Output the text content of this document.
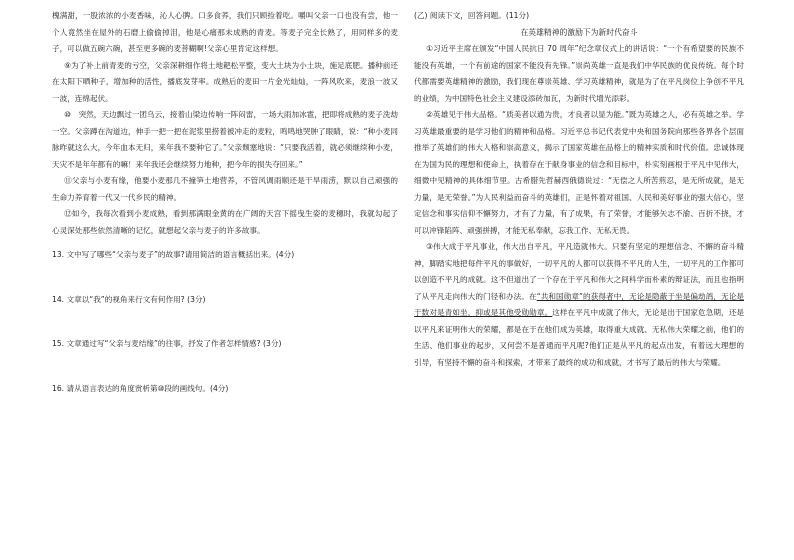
槐满甜，一股浓浓的小麦香味，沁人心脾。口多食荞，我们只顾捡着吃。嚼叫父亲一口也没有尝，他一个人竟然坐在屋外的石磨上偷偷掉泪，他是心痛那未成熟的青麦。等麦子完全长熟了，用同样多的麦子，可以做五碗六碗，甚至更多碗的麦菩糊啊!父亲心里肯定这样想。

⑨为了补上前青麦的亏空，父亲深耕细作将土地耙松平整，变大土块为小土块，施足底肥。播种前还在太阳下晒种子，增加种的活性，播底发芽率。成熟后的麦田一片金光灿灿，一阵风吹来，麦浪一波又一波，连绵起伏。

⑩　突然，天边飘过一团乌云，接着山梁边传响一阵闷雷，一场大雨加冰雹，把即将成熟的麦子洗劫一空。父亲蹲在沟道边，伸手一把一把在泥浆里捞着被冲走的麦粒，鸣鸣地哭肿了眼睛，说：“种小麦同脉昨就这么大，今年血本无归，来年我不要种它了。”父亲颓塞地说：“只要我活着，就必须继续种小麦，天灾不是年年都有的嘛！来年我还会继续努力地种，把今年的损失夺回来。”

⑪父亲与小麦有缘，他要小麦那几不撞笋土地营养，不管风调雨顺还是干旱雨涝，默以自己顽强的生命力养育着一代又一代乡民的精神。

⑫如今，我每次看到小麦成熟，看到那满眼金黄的在广阔的天宫下摇曳生姿的麦穗时，我就勾起了心灵深处那些依然清晰的记忆，就想起父亲与麦子的许多故事。

13. 文中写了哪些“父亲与麦子”的故事?请用简洁的语言概括出来。(4分)

14. 文章以“我”的视角来行文有何作用? (3分)

15. 文章通过写“父亲与麦结缘”的往事，抒发了作者怎样情感? (3分)

16. 请从语言表达的角度赏析第⑩段的画线句。(4分)

(乙) 阅读下文，回答问题。(11分)

在英雄精神的激励下为新时代奋斗

①习近平主席在颁发“中国人民抗日 70 周年”纪念章仪式上的讲话说：“一个有希望要的民族不能没有英雄，一个有前途的国家不能没有先锋。”崇尚英雄一直是我们中华民族的优良传统。每个时代都需要英雄精神的激励，我们现在尊崇英雄、学习英雄精神，就是为了在平凡岗位上争创不平凡的业绩，为中国特色社会主义建设添砖加瓦，为新时代增光添彩。

②英雄见于伟大品格。“质美者以通为贵，才良者以显为能。”既为英雄之人，必有英雄之举。学习英雄最重要的是学习他们的精神和品格。习近平总书记代表党中央和国务院向那些各界各个层面推举了英雄们的伟大人格和崇高意义，揭示了国家英雄在品格上的精神实质和时代价值。忠诚体现在为国为民的理想和使命上，执着存在于献身事业的信念和目标中，朴实刻画根于平凡中见伟大，细微中见精神的具体细节里。古希腊先哲赫西俄德说过：“无偿之人所苦煎忍，是无所成就，是无力量，是无荣誉。”为人民利益而奋斗的英雄们，正是怀着对祖国、人民和美好事业的强大信心，坚定信念和事实信仰不懈努力，才有了力量，有了成果，有了荣誉，才能够矢志不渝、百折不挠，才可以冲锋陷阵、顽强拼搏，才能无私奉献，忘我工作、无私无畏。

③伟大成于平凡事业，伟大出自平凡，平凡造就伟大。只要有坚定的理想信念、不懈的奋斗精神，脚踏实地把每件平凡的事做好，一切平凡的人都可以获得不平凡的人生，一切平凡的工作都可以创造不平凡的成就。这不但道出了一个存在于平凡和伟大之间科学而朴素的辩证法，而且也指明了从平凡走向伟大的门径和办法。在“共和国勋章”的获得者中，无论是隐蔽于坐是偏劫鸽，无论是于数对是青如坐，抑或是其他受勋勋章。这样在平凡中成就了伟大，无论是出于国家危急期，还是以平凡来证明伟大的荣耀，都是在于在他们成为英雄，取得重大成就、无私伟大荣耀之前，他们的生活、他们事业的起步，又何尝不是普通而平凡呢?他们正是从平凡的起点出发，有着远大理想的引导，有坚持不懈的奋斗和探索，才带来了最终的成功和成就，才书写了最后的伟大与荣耀。
